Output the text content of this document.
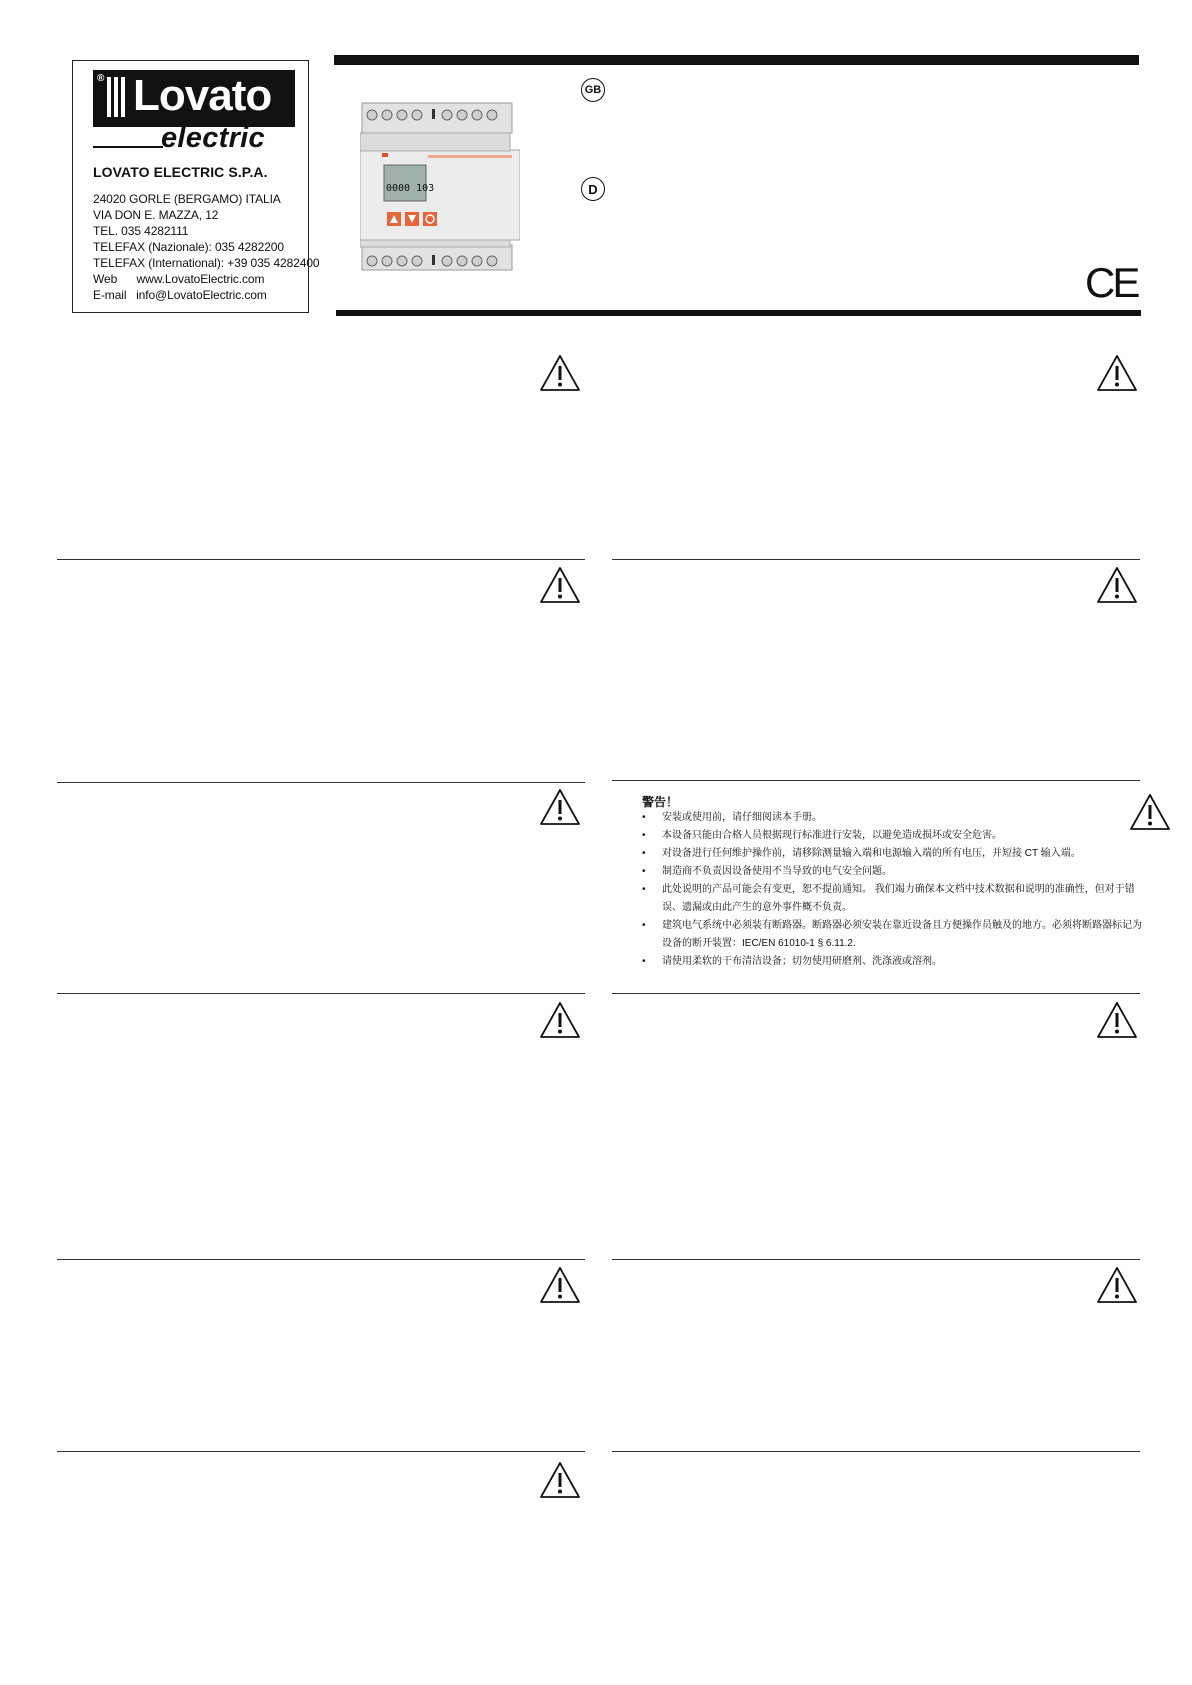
® Lovato
electric
LOVATO ELECTRIC S.P.A.
24020 GORLE (BERGAMO) ITALIA
VIA DON E. MAZZA, 12
TEL. 035 4282111
TELEFAX (Nazionale): 035 4282200
TELEFAX (International): +39 035 4282400
Web      www.LovatoElectric.com
E-mail   info@LovatoElectric.com
0000 103
GB
D
CE
警告！
• 安装或使用前，请仔细阅读本手册。
• 本设备只能由合格人员根据现行标准进行安装，以避免造成损坏或安全危害。
• 对设备进行任何维护操作前，请移除测量输入端和电源输入端的所有电压，并短接 CT 输入端。
• 制造商不负责因设备使用不当导致的电气安全问题。
• 此处说明的产品可能会有变更，恕不提前通知。 我们竭力确保本文档中技术数据和说明的准确性，但对于错误、遗漏或由此产生的意外事件概不负责。
• 建筑电气系统中必须装有断路器。断路器必须安装在靠近设备且方便操作员触及的地方。必须将断路器标记为设备的断开装置：IEC/EN 61010-1 § 6.11.2.
• 请使用柔软的干布清洁设备；切勿使用研磨剂、洗涤液或溶剂。
